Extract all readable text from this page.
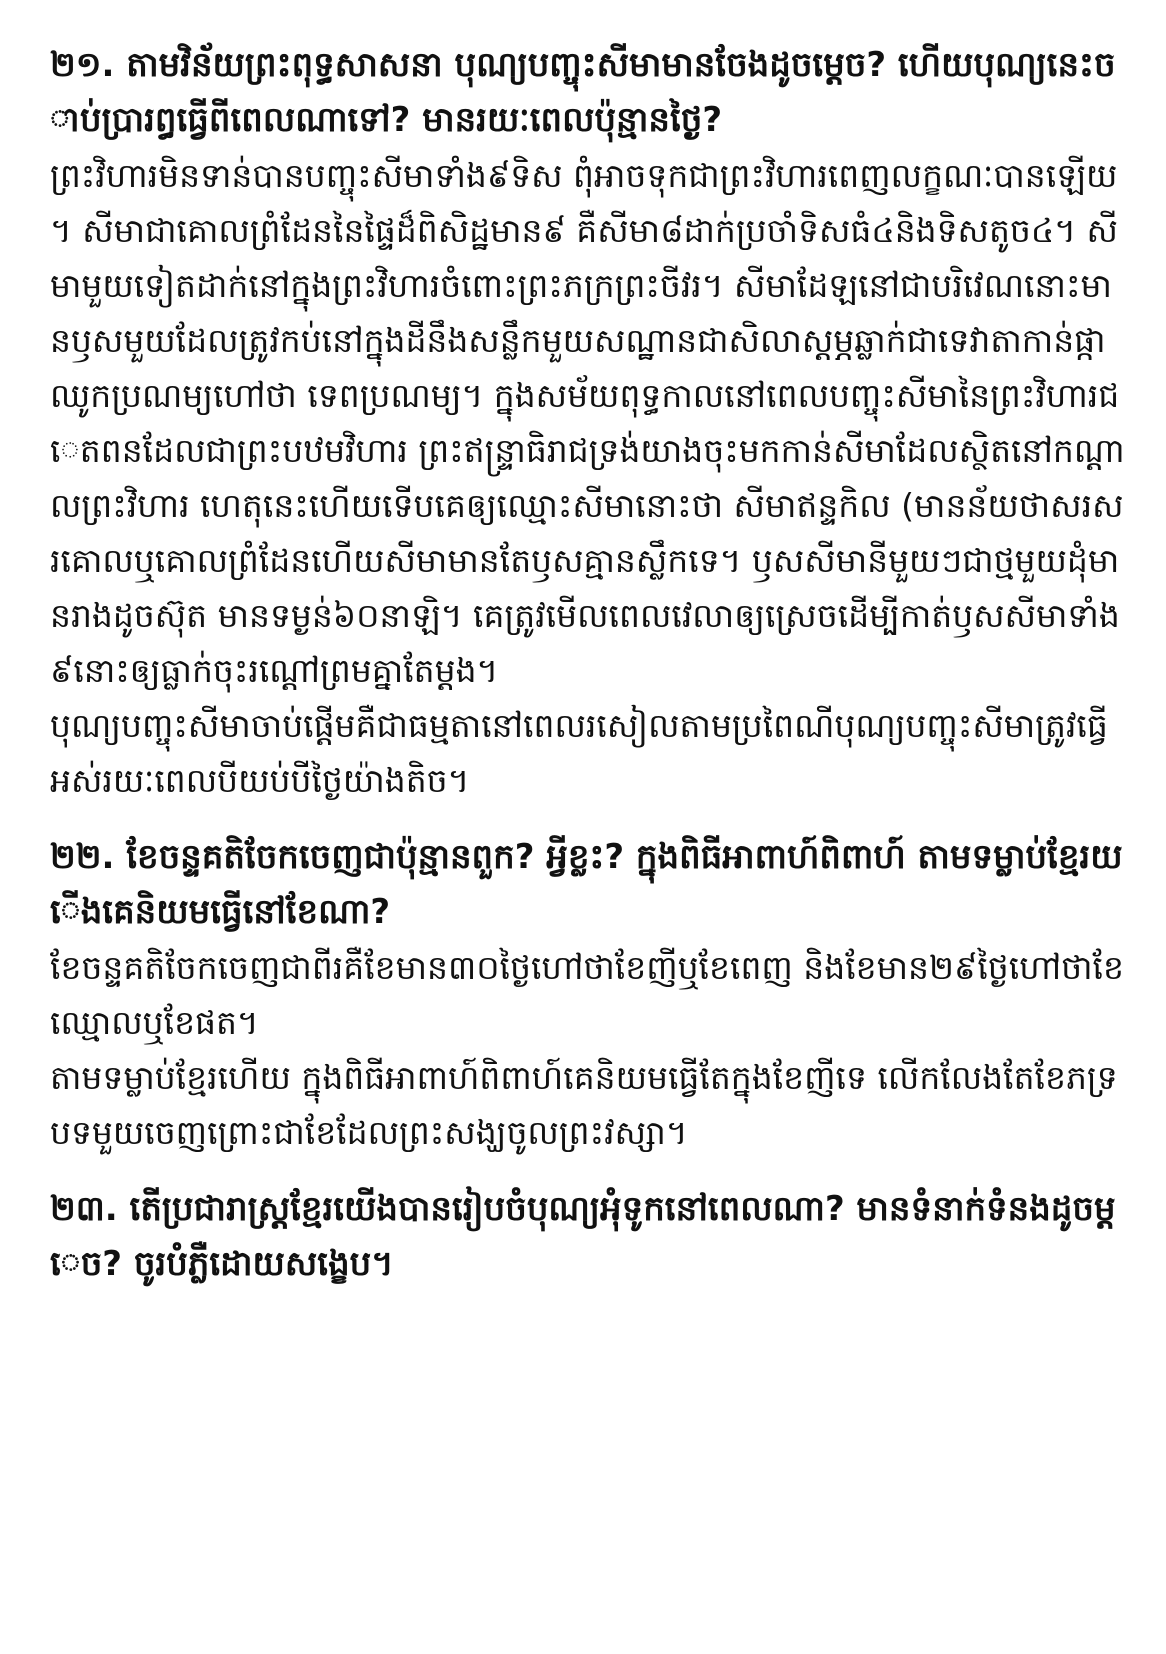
២១. តាមវិន័យព្រះពុទ្ធសាសនា បុណ្យបញ្ចុះសីមាមានចែងដូចម្តេច? ហើយបុណ្យនេះចាប់ប្រារព្ធធ្វើពីពេលណាទៅ? មានរយៈពេលប៉ុន្មានថ្ងៃ?

ព្រះវិហារមិនទាន់បានបញ្ចុះសីមាទាំង៩ទិស ពុំអាចទុកជាព្រះវិហារពេញលក្ខណៈបានឡើយ។ សីមាជាគោលព្រំដែននៃផ្ទៃដ៏ពិសិដ្ឋមាន៩ គឺសីមា៨ដាក់ប្រចាំទិសធំ៤និងទិសតូច៤។ សីមាមួយទៀតដាក់នៅក្នុងព្រះវិហារចំពោះព្រះភក្រព្រះចីវរ។ សីមាដែឡនៅជាបរិវេណនោះមានឫសមួយដែលត្រូវកប់នៅក្នុងដីនឹងសន្លឹកមួយសណ្ឋានជាសិលាស្តម្ភឆ្លាក់ជាទេវាតាកាន់ផ្កាឈូកប្រណម្យហៅថា ទេពប្រណម្យ។ ក្នុងសម័យពុទ្ធកាលនៅពេលបញ្ចុះសីមានៃព្រះវិហារជេតពនដែលជាព្រះបឋមវិហារ ព្រះឥន្ទ្រាធិរាជទ្រង់យាងចុះមកកាន់សីមាដែលស្ថិតនៅកណ្តាលព្រះវិហារ ហេតុនេះហើយទើបគេឲ្យឈ្មោះសីមានោះថា សីមាឥន្ទកិល (មានន័យថាសរសរគោលឬគោលព្រំដែនហើយសីមាមានតែឫសគ្មានស្លឹកទេ។ ឫសសីមានីមួយៗជាថ្មមួយដុំមានរាងដូចស៊ុត មានទម្ងន់៦០នាឡិ។ គេត្រូវមើលពេលវេលាឲ្យស្រេចដើម្បីកាត់ឫសសីមាទាំង៩នោះឲ្យធ្លាក់ចុះរណ្តៅព្រមគ្នាតែម្តង។

បុណ្យបញ្ចុះសីមាចាប់ផ្តើមគឺជាធម្មតានៅពេលរសៀលតាមប្រពៃណីបុណ្យបញ្ចុះសីមាត្រូវធ្វើអស់រយៈពេលបីយប់បីថ្ងៃយ៉ាងតិច។

២២. ខែចន្ទគតិចែកចេញជាប៉ុន្មានពួក? អ្វីខ្លះ? ក្នុងពិធីអាពាហ៍ពិពាហ៍ តាមទម្លាប់ខ្មែរយើងគេនិយមធ្វើនៅខែណា?

ខែចន្ទគតិចែកចេញជាពីរគឺខែមាន៣០ថ្ងៃហៅថាខែញីឬខែពេញ និងខែមាន២៩ថ្ងៃហៅថាខែឈ្មោលឬខែផត។

តាមទម្លាប់ខ្មែរហើយ ក្នុងពិធីអាពាហ៍ពិពាហ៍គេនិយមធ្វើតែក្នុងខែញីទេ លើកលែងតែខែភទ្របទមួយចេញព្រោះជាខែដែលព្រះសង្ឃចូលព្រះវស្សា។

២៣. តើប្រជារាស្ត្រខ្មែរយើងបានរៀបចំបុណ្យអុំទូកនៅពេលណា? មានទំនាក់ទំនងដូចម្តេច? ចូរបំភ្លឺដោយសង្ខេប។
